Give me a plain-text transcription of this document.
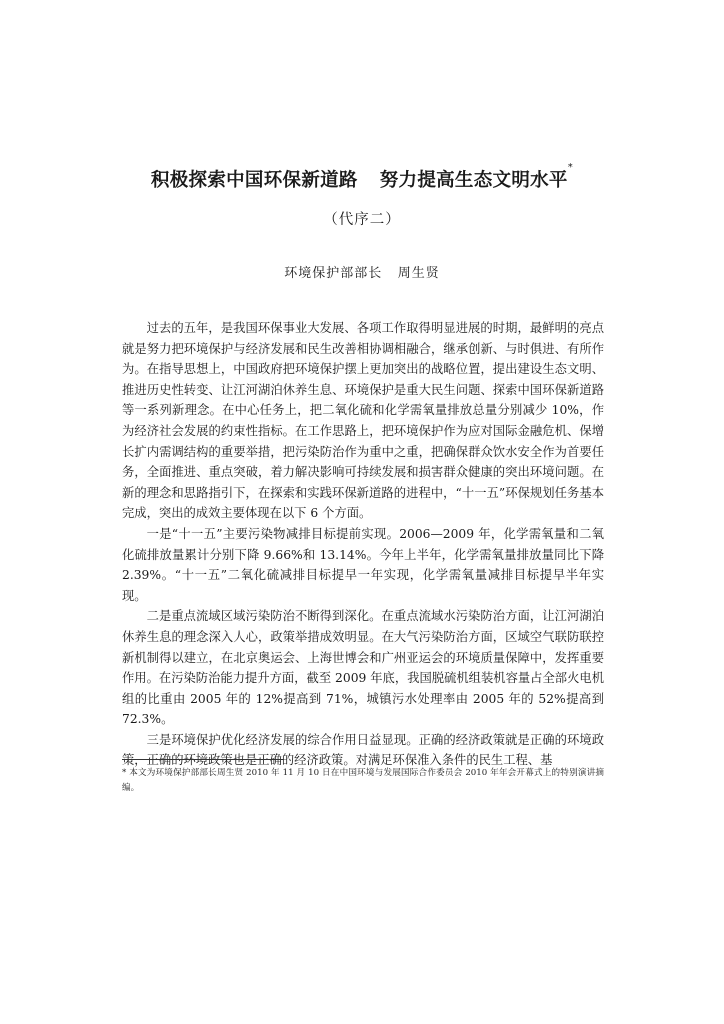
积极探索中国环保新道路 努力提高生态文明水平*
（代序二）
环境保护部部长   周生贤

过去的五年，是我国环保事业大发展、各项工作取得明显进展的时期，最鲜明的亮点就是努力把环境保护与经济发展和民生改善相协调相融合，继承创新、与时俱进、有所作为。在指导思想上，中国政府把环境保护摆上更加突出的战略位置，提出建设生态文明、推进历史性转变、让江河湖泊休养生息、环境保护是重大民生问题、探索中国环保新道路等一系列新理念。在中心任务上，把二氧化硫和化学需氧量排放总量分别减少 10%，作为经济社会发展的约束性指标。在工作思路上，把环境保护作为应对国际金融危机、保增长扩内需调结构的重要举措，把污染防治作为重中之重，把确保群众饮水安全作为首要任务，全面推进、重点突破，着力解决影响可持续发展和损害群众健康的突出环境问题。在新的理念和思路指引下，在探索和实践环保新道路的进程中，“十一五”环保规划任务基本完成，突出的成效主要体现在以下 6 个方面。

一是“十一五”主要污染物减排目标提前实现。2006—2009 年，化学需氧量和二氧化硫排放量累计分别下降 9.66%和 13.14%。今年上半年，化学需氧量排放量同比下降 2.39%。“十一五”二氧化硫减排目标提早一年实现，化学需氧量减排目标提早半年实现。

二是重点流域区域污染防治不断得到深化。在重点流域水污染防治方面，让江河湖泊休养生息的理念深入人心，政策举措成效明显。在大气污染防治方面，区域空气联防联控新机制得以建立，在北京奥运会、上海世博会和广州亚运会的环境质量保障中，发挥重要作用。在污染防治能力提升方面，截至 2009 年底，我国脱硫机组装机容量占全部火电机组的比重由 2005 年的 12%提高到 71%，城镇污水处理率由 2005 年的 52%提高到 72.3%。

三是环境保护优化经济发展的综合作用日益显现。正确的经济政策就是正确的环境政策，正确的环境政策也是正确的经济政策。对满足环保准入条件的民生工程、基

* 本文为环境保护部部长周生贤 2010 年 11 月 10 日在中国环境与发展国际合作委员会 2010 年年会开幕式上的特别演讲摘编。
